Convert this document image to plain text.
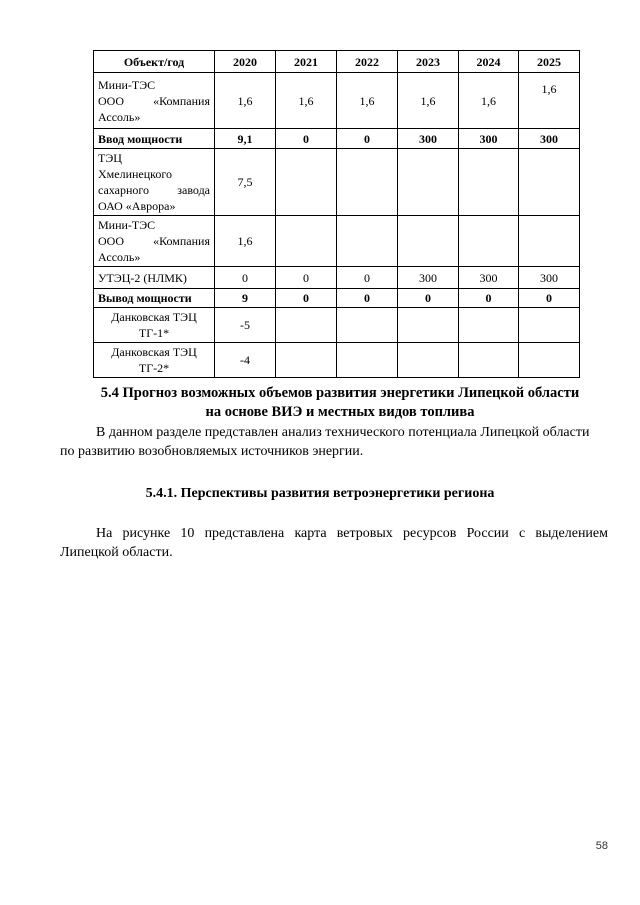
Объект/год	2020	2021	2022	2023	2024	2025

Мини-ТЭС
ООО «Компания
Ассоль»	1,6	1,6	1,6	1,6	1,6	1,6
Ввод мощности	9,1	0	0	300	300	300

ТЭЦ
Хмелинецкого
сахарного завода
ОАО «Аврора»	7,5					

Мини-ТЭС
ООО «Компания
Ассоль»	1,6					
УТЭЦ-2 (НЛМК)	0	0	0	300	300	300
Вывод мощности	9	0	0	0	0	0

Данковская ТЭЦ
ТГ-1*	-5					

Данковская ТЭЦ
ТГ-2*	-4					
5.4 Прогноз возможных объемов развития энергетики Липецкой области
на основе ВИЭ и местных видов топлива

В данном разделе представлен анализ технического потенциала Липецкой области
по развитию возобновляемых источников энергии.

5.4.1. Перспективы развития ветроэнергетики региона

На рисунке 10 представлена карта ветровых ресурсов России с выделением
Липецкой области.

58
